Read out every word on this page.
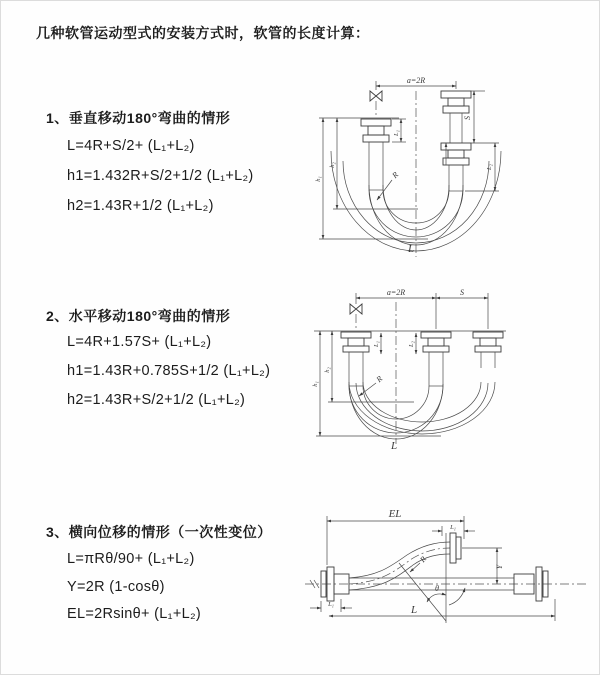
几种软管运动型式的安装方式时，软管的长度计算：
1、垂直移动180°弯曲的情形
L=4R+S/2+ (L₁+L₂)
h1=1.432R+S/2+1/2 (L₁+L₂)
h2=1.43R+1/2 (L₁+L₂)
a=2R
L₁
S
L₂
h₁
h₂
R
L
2、水平移动180°弯曲的情形
L=4R+1.57S+ (L₁+L₂)
h1=1.43R+0.785S+1/2 (L₁+L₂)
h2=1.43R+S/2+1/2 (L₁+L₂)
a=2R	S
L₁	L₂
h₁
h₂
R
L
3、横向位移的情形（一次性变位）
L=πRθ/90+ (L₁+L₂)
Y=2R (1-cosθ)
EL=2Rsinθ+ (L₁+L₂)
θ
R
EL
L₁
Y
L₁	L
